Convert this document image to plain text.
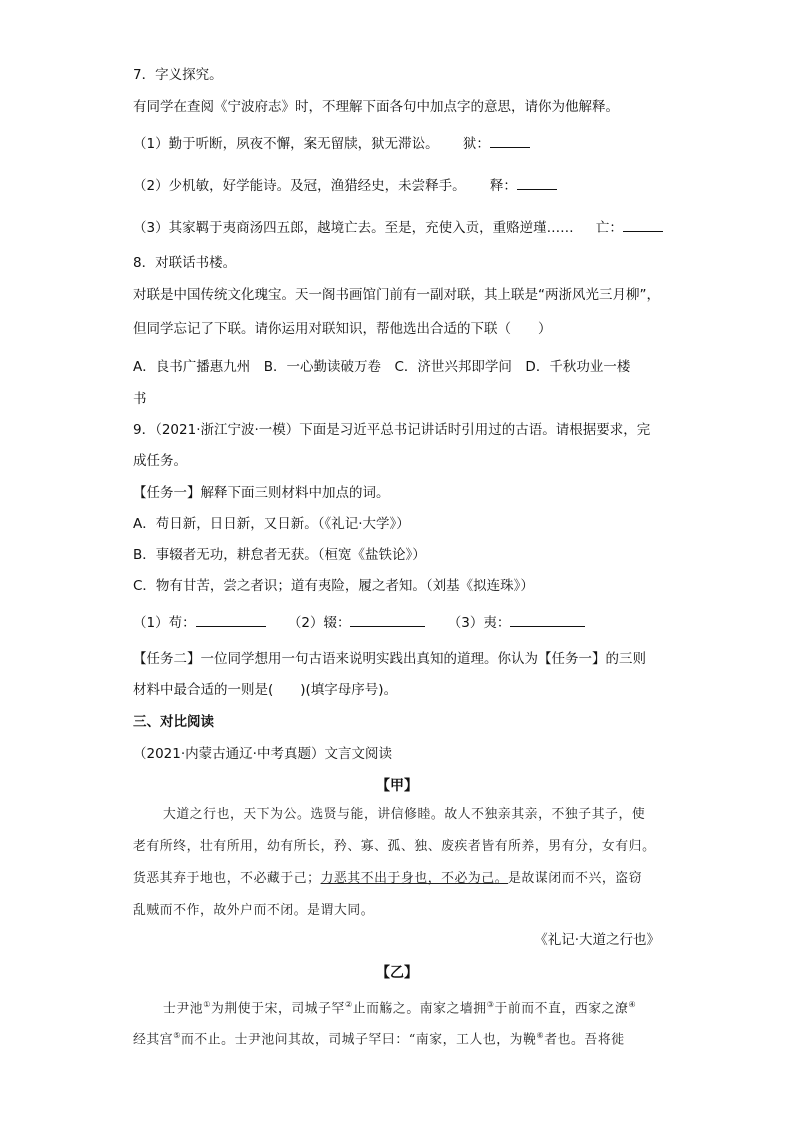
7．字义探究。
有同学在查阅《宁波府志》时，不理解下面各句中加点字的意思，请你为他解释。
（1）勤于听断，夙夜不懈，案无留牍，狱无滞讼。 狱：
（2）少机敏，好学能诗。及冠，渔猎经史，未尝释手。 释：
（3）其家羁于夷商汤四五郎，越境亡去。至是，充使入贡，重赂逆瑾…… 亡：
8．对联话书楼。
对联是中国传统文化瑰宝。天一阁书画馆门前有一副对联，其上联是“两浙风光三月柳”，
但同学忘记了下联。请你运用对联知识，帮他选出合适的下联（　　）
A．良书广播惠九州　B．一心勤读破万卷　C．济世兴邦即学问　D．千秋功业一楼
书
9．（2021·浙江宁波·一模）下面是习近平总书记讲话时引用过的古语。请根据要求，完
成任务。
【任务一】解释下面三则材料中加点的词。
A．苟日新，日日新，又日新。（《礼记·大学》）
B．事辍者无功，耕怠者无获。（桓宽《盐铁论》）
C．物有甘苦，尝之者识；道有夷险，履之者知。（刘基《拟连珠》）
（1）苟：	（2）辍：	（3）夷：
【任务二】一位同学想用一句古语来说明实践出真知的道理。你认为【任务一】的三则
材料中最合适的一则是(　　)(填字母序号)。
三、对比阅读
（2021·内蒙古通辽·中考真题）文言文阅读
【甲】
大道之行也，天下为公。选贤与能，讲信修睦。故人不独亲其亲，不独子其子，使
老有所终，壮有所用，幼有所长，矜、寡、孤、独、废疾者皆有所养，男有分，女有归。
货恶其弃于地也，不必藏于己；力恶其不出于身也，不必为己。是故谋闭而不兴，盗窃
乱贼而不作，故外户而不闭。是谓大同。
《礼记·大道之行也》
【乙】
士尹池①为荆使于宋，司城子罕②止而觞之。南家之墙拥③于前而不直，西家之潦④
经其宫⑤而不止。士尹池问其故，司城子罕曰：“南家，工人也，为鞔⑥者也。吾将徙
